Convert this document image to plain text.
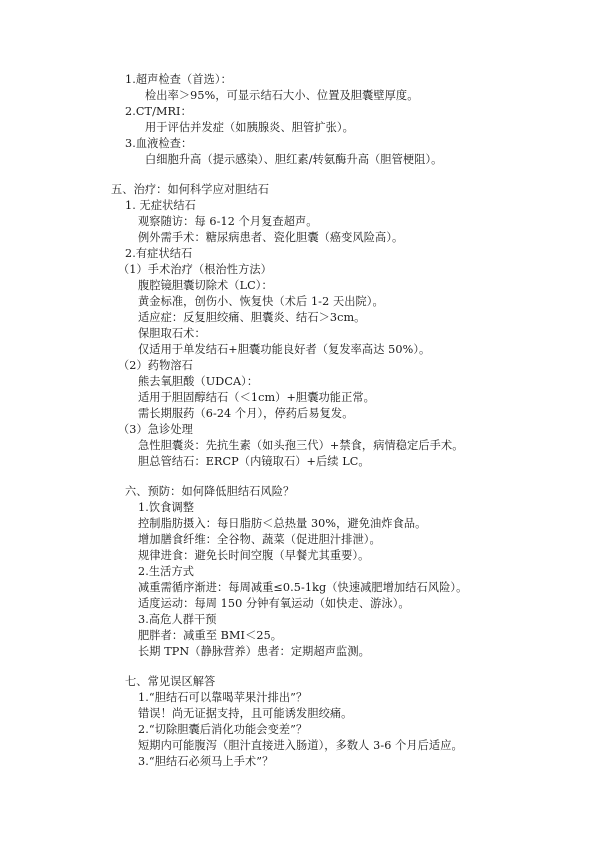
1.超声检查（首选）：
检出率＞95%，可显示结石大小、位置及胆囊壁厚度。
2.CT/MRI：
用于评估并发症（如胰腺炎、胆管扩张）。
3.血液检查：
白细胞升高（提示感染）、胆红素/转氨酶升高（胆管梗阻）。
五、治疗：如何科学应对胆结石
1. 无症状结石
观察随访：每 6-12 个月复查超声。
例外需手术：糖尿病患者、瓷化胆囊（癌变风险高）。
2.有症状结石
（1）手术治疗（根治性方法）
腹腔镜胆囊切除术（LC）：
黄金标准，创伤小、恢复快（术后 1-2 天出院）。
适应症：反复胆绞痛、胆囊炎、结石＞3cm。
保胆取石术：
仅适用于单发结石+胆囊功能良好者（复发率高达 50%）。
（2）药物溶石
熊去氧胆酸（UDCA）：
适用于胆固醇结石（＜1cm）+胆囊功能正常。
需长期服药（6-24 个月），停药后易复发。
（3）急诊处理
急性胆囊炎：先抗生素（如头孢三代）+禁食，病情稳定后手术。
胆总管结石：ERCP（内镜取石）+后续 LC。
六、预防：如何降低胆结石风险？
1.饮食调整
控制脂肪摄入：每日脂肪＜总热量 30%，避免油炸食品。
增加膳食纤维：全谷物、蔬菜（促进胆汁排泄）。
规律进食：避免长时间空腹（早餐尤其重要）。
2.生活方式
减重需循序渐进：每周减重≤0.5-1kg（快速减肥增加结石风险）。
适度运动：每周 150 分钟有氧运动（如快走、游泳）。
3.高危人群干预
肥胖者：减重至 BMI＜25。
长期 TPN（静脉营养）患者：定期超声监测。
七、常见误区解答
1.“胆结石可以靠喝苹果汁排出”？
错误！尚无证据支持，且可能诱发胆绞痛。
2.“切除胆囊后消化功能会变差”？
短期内可能腹泻（胆汁直接进入肠道），多数人 3-6 个月后适应。
3.“胆结石必须马上手术”？
